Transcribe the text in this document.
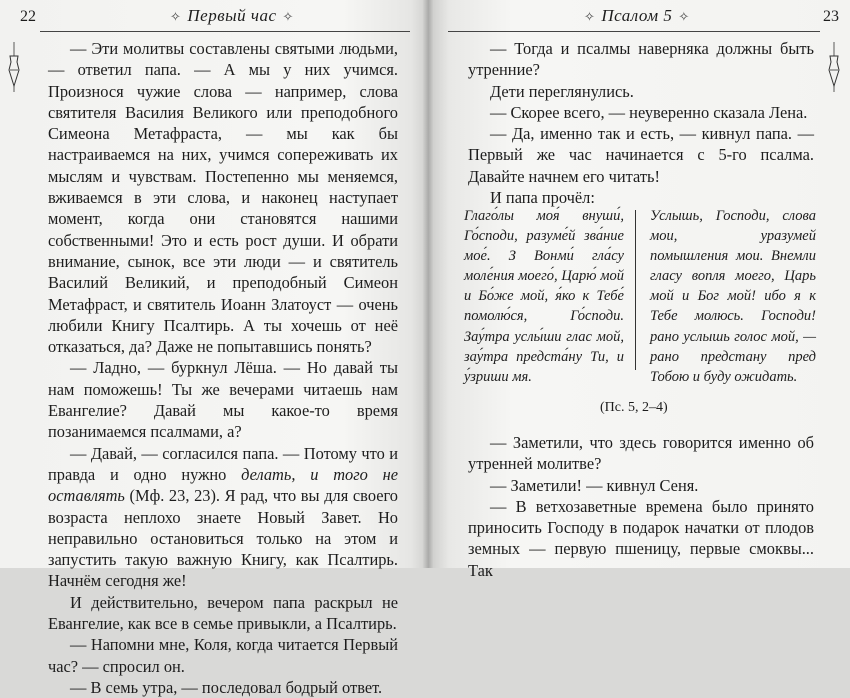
22	✧ Первый час ✧

— Эти молитвы составлены святыми людьми, — ответил папа. — А мы у них учимся. Произнося чужие слова — например, слова святителя Василия Великого или преподобного Симеона Метафраста, — мы как бы настраиваемся на них, учимся сопереживать их мыслям и чувствам. Постепенно мы меняемся, вживаемся в эти слова, и наконец наступает момент, когда они становятся нашими собственными! Это и есть рост души. И обрати внимание, сынок, все эти люди — и святитель Василий Великий, и преподобный Симеон Метафраст, и святитель Иоанн Златоуст — очень любили Книгу Псалтирь. А ты хочешь от неё отказаться, да? Даже не попытавшись понять?

— Ладно, — буркнул Лёша. — Но давай ты нам поможешь! Ты же вечерами читаешь нам Евангелие? Давай мы какое-то время позанимаемся псалмами, а?

— Давай, — согласился папа. — Потому что и правда и одно нужно делать, и того не оставлять (Мф. 23, 23). Я рад, что вы для своего возраста неплохо знаете Новый Завет. Но неправильно остановиться только на этом и запустить такую важную Книгу, как Псалтирь. Начнём сегодня же!

И действительно, вечером папа раскрыл не Евангелие, как все в семье привыкли, а Псалтирь.

— Напомни мне, Коля, когда читается Первый час? — спросил он.

— В семь утра, — последовал бодрый ответ.

✧ Псалом 5 ✧	23

— Тогда и псалмы наверняка должны быть утренние?

Дети переглянулись.

— Скорее всего, — неуверенно сказала Лена.

— Да, именно так и есть, — кивнул папа. — Первый же час начинается с 5-го псалма. Давайте начнем его читать!

И папа прочёл:

Глаго́лы моя́ внуши́, Го́споди, разуме́й зва́ние мое́. З Вонми́ гла́су моле́ния моего́, Царю́ мой и Бо́же мой, я́ко к Тебе́ помолю́ся, Го́споди. Зау́тра услы́ши глас мой, зау́тра предста́ну Ти, и у́зриши мя.
Услышь, Господи, слова мои, уразумей помышления мои. Внемли гласу вопля моего, Царь мой и Бог мой! ибо я к Тебе молюсь. Господи! рано услышь голос мой, — рано предстану пред Тобою и буду ожидать.
(Пс. 5, 2–4)

— Заметили, что здесь говорится именно об утренней молитве?

— Заметили! — кивнул Сеня.

— В ветхозаветные времена было принято приносить Господу в подарок начатки от плодов земных — первую пшеницу, первые смоквы... Так
